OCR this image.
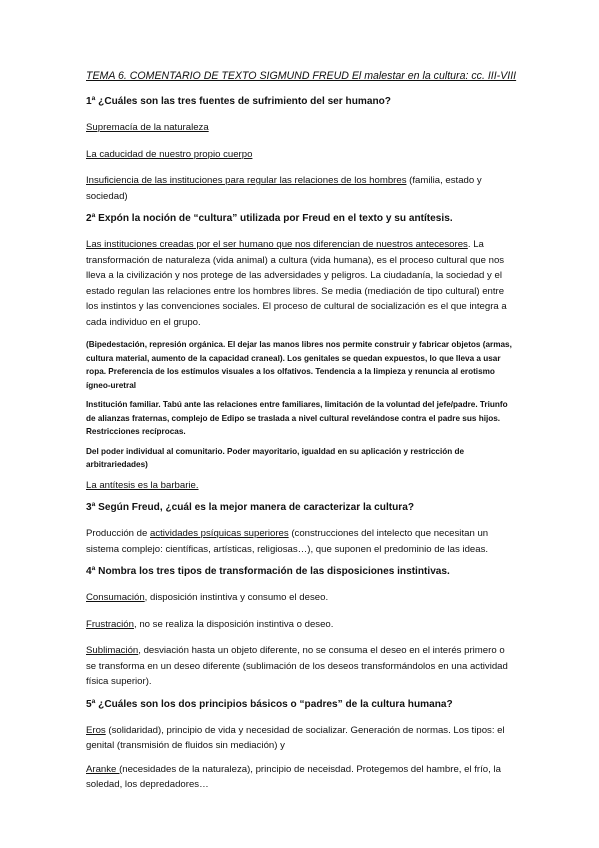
TEMA 6. COMENTARIO DE TEXTO SIGMUND FREUD El malestar en la cultura: cc. III-VIII
1ª ¿Cuáles son las tres fuentes de sufrimiento del ser humano?
Supremacía de la naturaleza
La caducidad de nuestro propio cuerpo
Insuficiencia de las instituciones para regular las relaciones de los hombres (familia, estado y sociedad)
2ª Expón la noción de “cultura” utilizada por Freud en el texto y su antítesis.
Las instituciones creadas por el ser humano que nos diferencian de nuestros antecesores. La transformación de naturaleza (vida animal) a cultura (vida humana), es el proceso cultural que nos lleva a la civilización y nos protege de las adversidades y peligros. La ciudadanía, la sociedad y el estado regulan las relaciones entre los hombres libres. Se media (mediación de tipo cultural) entre los instintos y las convenciones sociales. El proceso de cultural de socialización es el que integra a cada individuo en el grupo.
(Bipedestación, represión orgánica. El dejar las manos libres nos permite construir y fabricar objetos (armas, cultura material, aumento de la capacidad craneal). Los genitales se quedan expuestos, lo que lleva a usar ropa. Preferencia de los estímulos visuales a los olfativos. Tendencia a la limpieza y renuncia al erotismo ígneo-uretral
Institución familiar. Tabú ante las relaciones entre familiares, limitación de la voluntad del jefe/padre. Triunfo de alianzas fraternas, complejo de Edipo se traslada a nivel cultural revelándose contra el padre sus hijos. Restricciones recíprocas.
Del poder individual al comunitario. Poder mayoritario, igualdad en su aplicación y restricción de arbitrariedades)
La antítesis es la barbarie.
3ª Según Freud, ¿cuál es la mejor manera de caracterizar la cultura?
Producción de actividades psíquicas superiores (construcciones del intelecto que necesitan un sistema complejo: científicas, artísticas, religiosas…), que suponen el predominio de las ideas.
4ª Nombra los tres tipos de transformación de las disposiciones instintivas.
Consumación, disposición instintiva y consumo el deseo.
Frustración, no se realiza la disposición instintiva o deseo.
Sublimación, desviación hasta un objeto diferente, no se consuma el deseo en el interés primero o se transforma en un deseo diferente (sublimación de los deseos transformándolos en una actividad física superior).
5ª ¿Cuáles son los dos principios básicos o “padres” de la cultura humana?
Eros (solidaridad), principio de vida y necesidad de socializar. Generación de normas. Los tipos: el genital (transmisión de fluidos sin mediación) y
Aranke (necesidades de la naturaleza), principio de neceisdad. Protegemos del hambre, el frío, la soledad, los depredadores…
